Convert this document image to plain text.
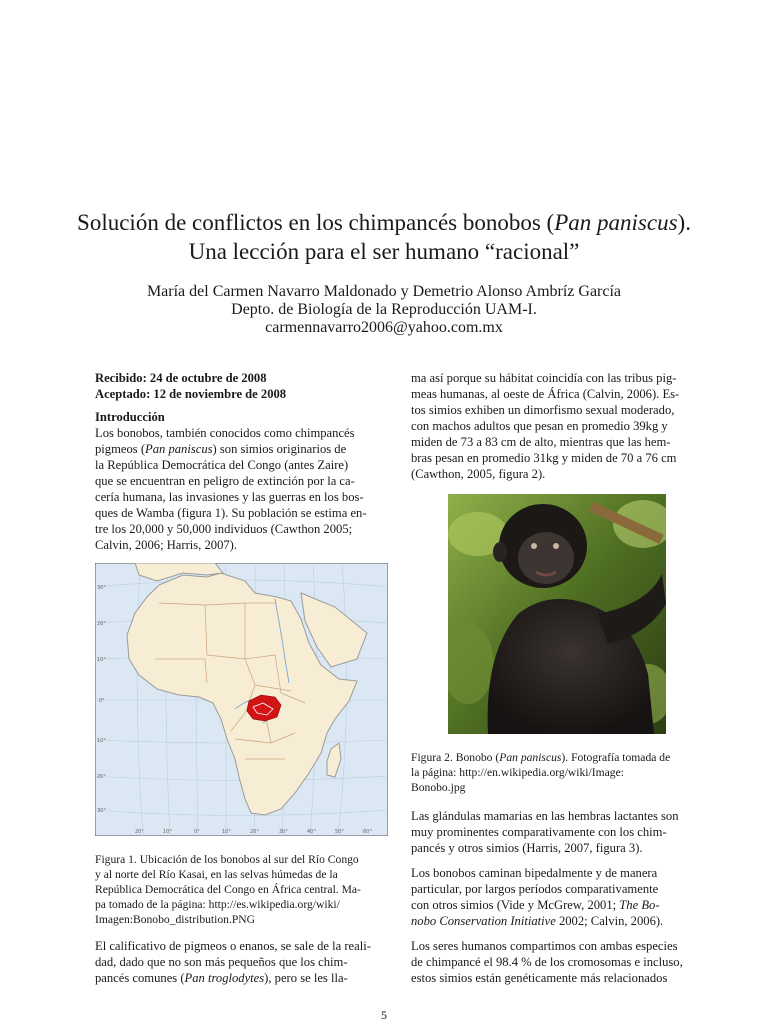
Solución de conflictos en los chimpancés bonobos (Pan paniscus).
Una lección para el ser humano “racional”
María del Carmen Navarro Maldonado y Demetrio Alonso Ambríz García
Depto. de Biología de la Reproducción UAM-I.
carmennavarro2006@yahoo.com.mx
Recibido: 24 de octubre de 2008
Aceptado: 12 de noviembre de 2008
Introducción
Los bonobos, también conocidos como chimpancés
pigmeos (Pan paniscus) son simios originarios de
la República Democrática del Congo (antes Zaire)
que se encuentran en peligro de extinción por la ca-
cería humana, las invasiones y las guerras en los bos-
ques de Wamba (figura 1). Su población se estima en-
tre los 20,000 y 50,000 individuos (Cawthon 2005;
Calvin, 2006; Harris, 2007).
30°
20°
10°
0°
10°
20°
30°
20°	10°	0°	10°	20°	30°	40°	50°	60°
Figura 1. Ubicación de los bonobos al sur del Río Congo
y al norte del Río Kasai, en las selvas húmedas de la
República Democrática del Congo en África central. Ma-
pa tomado de la página: http://es.wikipedia.org/wiki/
Imagen:Bonobo_distribution.PNG
El calificativo de pigmeos o enanos, se sale de la reali-
dad, dado que no son más pequeños que los chim-
pancés comunes (Pan troglodytes), pero se les lla-
ma así porque su hábitat coincidía con las tribus pig-
meas humanas, al oeste de África (Calvin, 2006). Es-
tos simios exhiben un dimorfismo sexual moderado,
con machos adultos que pesan en promedio 39kg y
miden de 73 a 83 cm de alto, mientras que las hem-
bras pesan en promedio 31kg y miden de 70 a 76 cm
(Cawthon, 2005, figura 2).
Figura 2. Bonobo (Pan paniscus). Fotografía tomada de
la página: http://en.wikipedia.org/wiki/Image:
Bonobo.jpg
Las glándulas mamarias en las hembras lactantes son
muy prominentes comparativamente con los chim-
pancés y otros simios (Harris, 2007, figura 3).
Los bonobos caminan bipedalmente y de manera
particular, por largos períodos comparativamente
con otros simios (Vide y McGrew, 2001; The Bo-
nobo Conservation Initiative 2002; Calvin, 2006).
Los seres humanos compartimos con ambas especies
de chimpancé el 98.4 % de los cromosomas e incluso,
estos simios están genéticamente más relacionados
5
